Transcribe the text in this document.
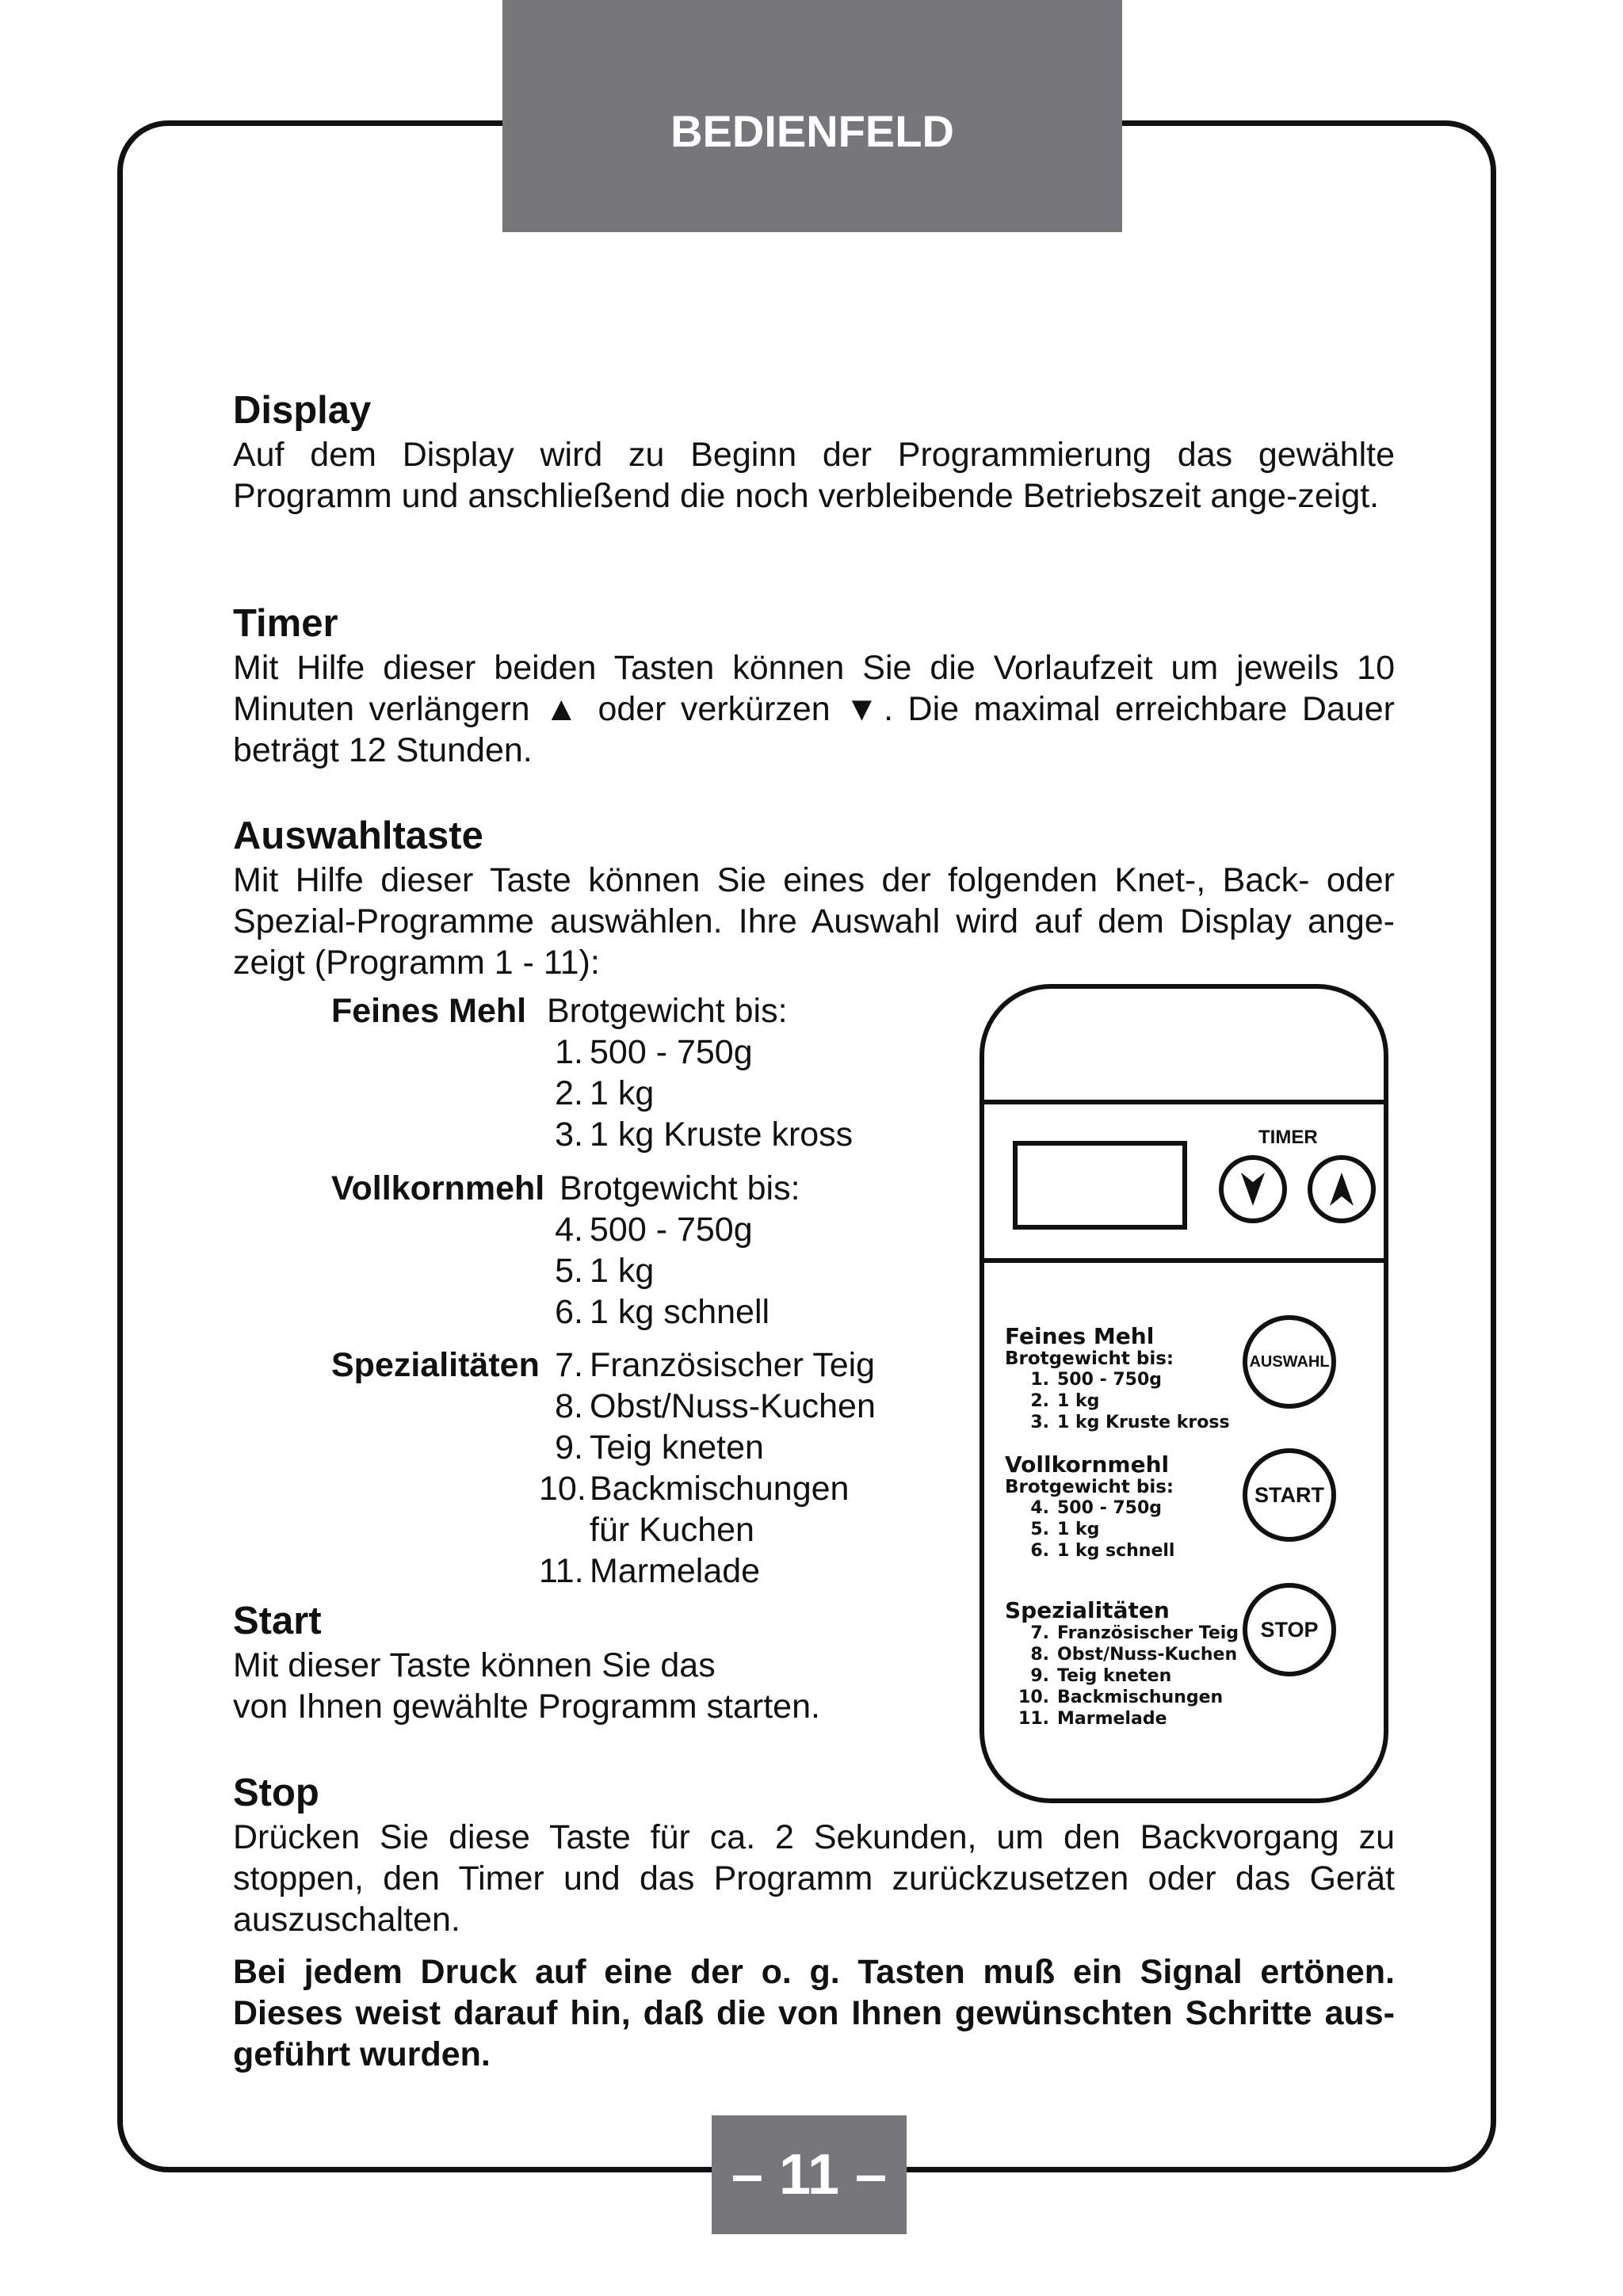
BEDIENFELD
Display

Auf dem Display wird zu Beginn der Programmierung das gewählte Programm und anschließend die noch verbleibende Betriebszeit ange-zeigt.

Timer

Mit Hilfe dieser beiden Tasten können Sie die Vorlaufzeit um jeweils 10 Minuten verlängern ▲ oder verkürzen ▼. Die maximal erreichbare Dauer beträgt 12 Stunden.

Auswahltaste

Mit Hilfe dieser Taste können Sie eines der folgenden Knet-, Back- oder Spezial-Programme auswählen. Ihre Auswahl wird auf dem Display ange-zeigt (Programm 1 - 11):

Feines Mehl Brotgewicht bis:
1. 500 - 750g
2. 1 kg
3. 1 kg Kruste kross
Vollkornmehl Brotgewicht bis:
4. 500 - 750g
5. 1 kg
6. 1 kg schnell
Spezialitäten 7. Französischer Teig
8. Obst/Nuss-Kuchen
9. Teig kneten
10.Backmischungen
für Kuchen
11. Marmelade
Start
Mit dieser Taste können Sie das
von Ihnen gewählte Programm starten.
Stop

Drücken Sie diese Taste für ca. 2 Sekunden, um den Backvorgang zu stoppen, den Timer und das Programm zurückzusetzen oder das Gerät auszuschalten.

Bei jedem Druck auf eine der o. g. Tasten muß ein Signal ertönen. Dieses weist darauf hin, daß die von Ihnen gewünschten Schritte aus-geführt wurden.

TIMER
AUSWAHL
START
STOP
Feines Mehl
Brotgewicht bis:
1. 500 - 750g
2. 1 kg
3. 1 kg Kruste kross
Vollkornmehl
Brotgewicht bis:
4. 500 - 750g
5. 1 kg
6. 1 kg schnell
Spezialitäten
7. Französischer Teig
8. Obst/Nuss-Kuchen
9. Teig kneten
10. Backmischungen
11. Marmelade
– 11 –
